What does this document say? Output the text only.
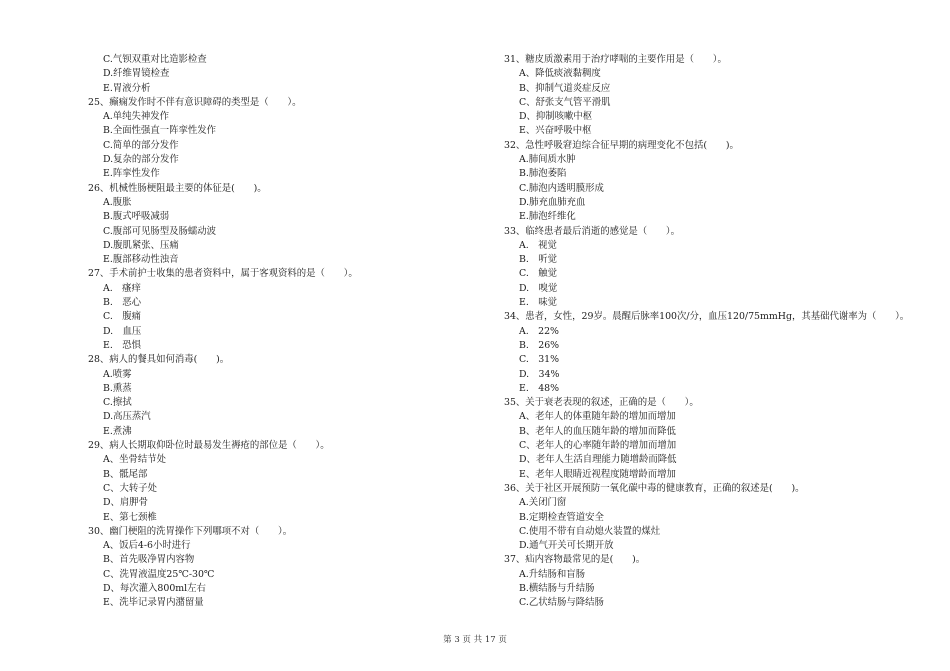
C.气钡双重对比造影检查
D.纤维胃镜检查
E.胃液分析
25、癫痫发作时不伴有意识障碍的类型是（　　）。
A.单纯失神发作
B.全面性强直一阵挛性发作
C.简单的部分发作
D.复杂的部分发作
E.阵挛性发作
26、机械性肠梗阻最主要的体征是(　　)。
A.腹胀
B.腹式呼吸减弱
C.腹部可见肠型及肠蠕动波
D.腹肌紧张、压痛
E.腹部移动性浊音
27、手术前护士收集的患者资料中，属于客观资料的是（　　）。
A.　瘙痒
B.　恶心
C.　腹痛
D.　血压
E.　恐惧
28、病人的餐具如何消毒(　　)。
A.喷雾
B.熏蒸
C.擦拭
D.高压蒸汽
E.煮沸
29、病人长期取仰卧位时最易发生褥疮的部位是（　　）。
A、坐骨结节处
B、骶尾部
C、大转子处
D、肩胛骨
E、第七颈椎
30、幽门梗阻的洗胃操作下列哪项不对（　　）。
A、饭后4-6小时进行
B、首先吸净胃内容物
C、洗胃液温度25℃-30℃
D、每次灌入800ml左右
E、洗毕记录胃内潴留量
31、糖皮质激素用于治疗哮喘的主要作用是（　　）。
A、降低痰液黏稠度
B、抑制气道炎症反应
C、舒张支气管平滑肌
D、抑制咳嗽中枢
E、兴奋呼吸中枢
32、急性呼吸窘迫综合征早期的病理变化不包括(　　)。
A.肺间质水肿
B.肺泡萎陷
C.肺泡内透明膜形成
D.肺充血肺充血
E.肺泡纤维化
33、临终患者最后消逝的感觉是（　　）。
A.　视觉
B.　听觉
C.　触觉
D.　嗅觉
E.　味觉
34、患者，女性，29岁。晨醒后脉率100次/分，血压120/75mmHg，其基础代谢率为（　　）。
A.　22%
B.　26%
C.　31%
D.　34%
E.　48%
35、关于衰老表现的叙述，正确的是（　　）。
A、老年人的体重随年龄的增加而增加
B、老年人的血压随年龄的增加而降低
C、老年人的心率随年龄的增加而增加
D、老年人生活自理能力随增龄而降低
E、老年人眼睛近视程度随增龄而增加
36、关于社区开展预防一氧化碳中毒的健康教育，正确的叙述是(　　)。
A.关闭门窗
B.定期检查管道安全
C.使用不带有自动熄火装置的煤灶
D.通气开关可长期开放
37、疝内容物最常见的是(　　)。
A.升结肠和盲肠
B.横结肠与升结肠
C.乙状结肠与降结肠
第 3 页 共 17 页
